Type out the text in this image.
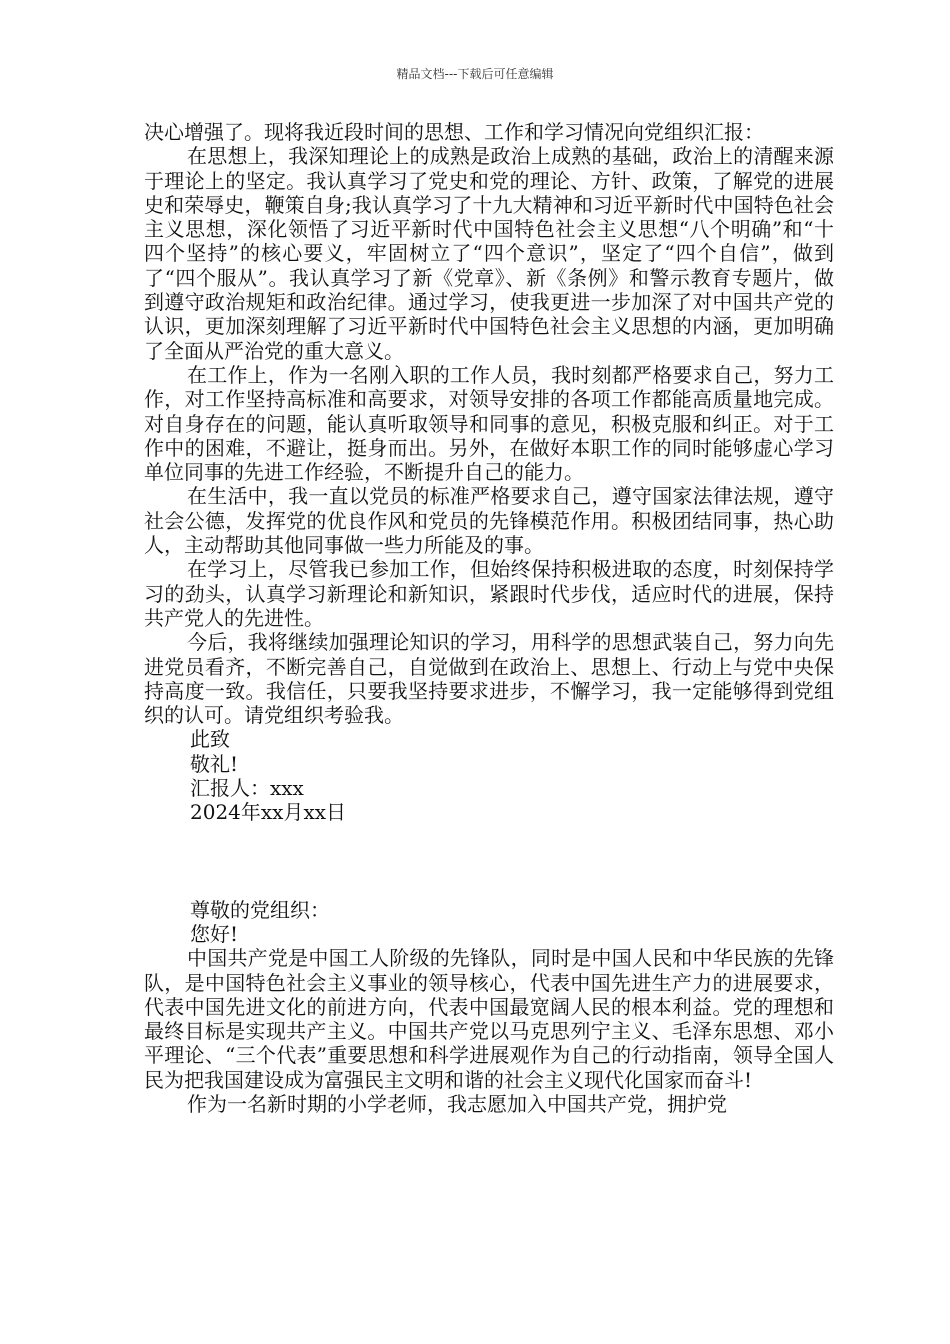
精品文档---下载后可任意编辑

决心增强了。现将我近段时间的思想、工作和学习情况向党组织汇报：

在思想上，我深知理论上的成熟是政治上成熟的基础，政治上的清醒来源于理论上的坚定。我认真学习了党史和党的理论、方针、政策，了解党的进展史和荣辱史，鞭策自身;我认真学习了十九大精神和习近平新时代中国特色社会主义思想，深化领悟了习近平新时代中国特色社会主义思想“八个明确”和“十四个坚持”的核心要义，牢固树立了“四个意识”，坚定了“四个自信”，做到了“四个服从”。我认真学习了新《党章》、新《条例》和警示教育专题片，做到遵守政治规矩和政治纪律。通过学习，使我更进一步加深了对中国共产党的认识，更加深刻理解了习近平新时代中国特色社会主义思想的内涵，更加明确了全面从严治党的重大意义。

在工作上，作为一名刚入职的工作人员，我时刻都严格要求自己，努力工作，对工作坚持高标准和高要求，对领导安排的各项工作都能高质量地完成。对自身存在的问题，能认真听取领导和同事的意见，积极克服和纠正。对于工作中的困难，不避让，挺身而出。另外，在做好本职工作的同时能够虚心学习单位同事的先进工作经验，不断提升自己的能力。

在生活中，我一直以党员的标准严格要求自己，遵守国家法律法规，遵守社会公德，发挥党的优良作风和党员的先锋模范作用。积极团结同事，热心助人，主动帮助其他同事做一些力所能及的事。

在学习上，尽管我已参加工作，但始终保持积极进取的态度，时刻保持学习的劲头，认真学习新理论和新知识，紧跟时代步伐，适应时代的进展，保持共产党人的先进性。

今后，我将继续加强理论知识的学习，用科学的思想武装自己，努力向先进党员看齐，不断完善自己，自觉做到在政治上、思想上、行动上与党中央保持高度一致。我信任，只要我坚持要求进步，不懈学习，我一定能够得到党组织的认可。请党组织考验我。

此致

敬礼!

汇报人：xxx

2024年xx月xx日

尊敬的党组织：

您好!

中国共产党是中国工人阶级的先锋队，同时是中国人民和中华民族的先锋队，是中国特色社会主义事业的领导核心，代表中国先进生产力的进展要求，代表中国先进文化的前进方向，代表中国最宽阔人民的根本利益。党的理想和最终目标是实现共产主义。中国共产党以马克思列宁主义、毛泽东思想、邓小平理论、“三个代表”重要思想和科学进展观作为自己的行动指南，领导全国人民为把我国建设成为富强民主文明和谐的社会主义现代化国家而奋斗!

作为一名新时期的小学老师，我志愿加入中国共产党，拥护党
